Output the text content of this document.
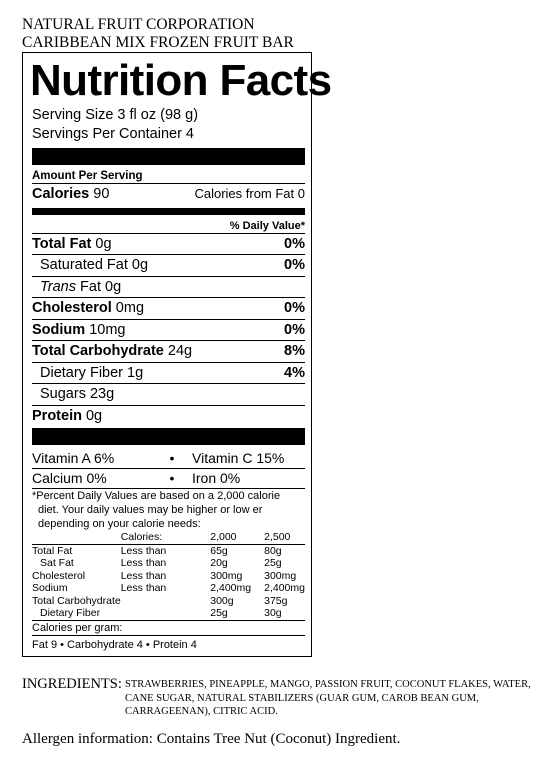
NATURAL FRUIT CORPORATION
CARIBBEAN MIX FROZEN FRUIT BAR
Nutrition Facts
Serving Size 3 fl oz (98 g)
Servings Per Container 4
Amount Per Serving
Calories 90	Calories from Fat 0
% Daily Value*
Total Fat 0g	0%
Saturated Fat 0g	0%
Trans Fat 0g
Cholesterol 0mg	0%
Sodium 10mg	0%
Total Carbohydrate 24g	8%
Dietary Fiber 1g	4%
Sugars 23g
Protein 0g
Vitamin A 6%	•	Vitamin C 15%
Calcium 0%	•	Iron 0%
*Percent Daily Values are based on a 2,000 calorie
diet. Your daily values may be higher or low er
depending on your calorie needs:
	Calories:	2,000	2,500
Total Fat	Less than	65g	80g
Sat Fat	Less than	20g	25g
Cholesterol	Less than	300mg	300mg
Sodium	Less than	2,400mg	2,400mg
Total Carbohydrate		300g	375g
Dietary Fiber		25g	30g
Calories per gram:
Fat 9 • Carbohydrate 4 • Protein 4
INGREDIENTS: STRAWBERRIES, PINEAPPLE, MANGO, PASSION FRUIT, COCONUT FLAKES, WATER, CANE SUGAR, NATURAL STABILIZERS (GUAR GUM, CAROB BEAN GUM, CARRAGEENAN), CITRIC ACID.
Allergen information: Contains Tree Nut (Coconut) Ingredient.
